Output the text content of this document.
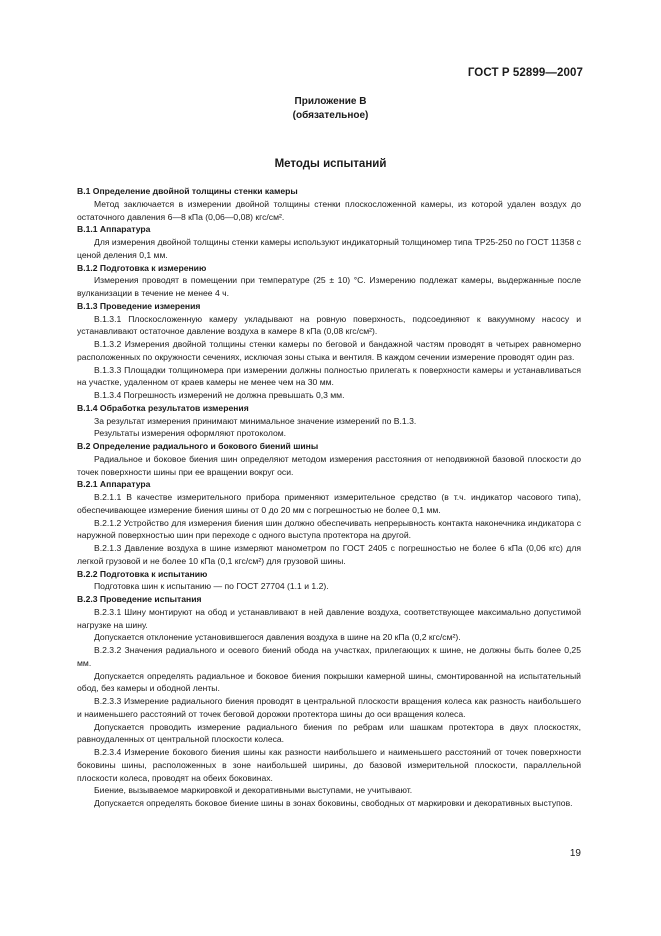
ГОСТ Р 52899—2007
Приложение В
(обязательное)
Методы испытаний

В.1 Определение двойной толщины стенки камеры

Метод заключается в измерении двойной толщины стенки плоскосложенной камеры, из которой удален воздух до остаточного давления 6—8 кПа (0,06—0,08) кгс/см².

В.1.1 Аппаратура

Для измерения двойной толщины стенки камеры используют индикаторный толщиномер типа ТР25-250 по ГОСТ 11358 с ценой деления 0,1 мм.

В.1.2 Подготовка к измерению

Измерения проводят в помещении при температуре (25 ± 10) °С. Измерению подлежат камеры, выдержанные после вулканизации в течение не менее 4 ч.

В.1.3 Проведение измерения

В.1.3.1 Плоскосложенную камеру укладывают на ровную поверхность, подсоединяют к вакуумному насосу и устанавливают остаточное давление воздуха в камере 8 кПа (0,08 кгс/см²).

В.1.3.2 Измерения двойной толщины стенки камеры по беговой и бандажной частям проводят в четырех равномерно расположенных по окружности сечениях, исключая зоны стыка и вентиля. В каждом сечении измерение проводят один раз.

В.1.3.3 Площадки толщиномера при измерении должны полностью прилегать к поверхности камеры и устанавливаться на участке, удаленном от краев камеры не менее чем на 30 мм.

В.1.3.4 Погрешность измерений не должна превышать 0,3 мм.

В.1.4 Обработка результатов измерения

За результат измерения принимают минимальное значение измерений по В.1.3.

Результаты измерения оформляют протоколом.

В.2 Определение радиального и бокового биений шины

Радиальное и боковое биения шин определяют методом измерения расстояния от неподвижной базовой плоскости до точек поверхности шины при ее вращении вокруг оси.

В.2.1 Аппаратура

В.2.1.1 В качестве измерительного прибора применяют измерительное средство (в т.ч. индикатор часового типа), обеспечивающее измерение биения шины от 0 до 20 мм с погрешностью не более 0,1 мм.

В.2.1.2 Устройство для измерения биения шин должно обеспечивать непрерывность контакта наконечника индикатора с наружной поверхностью шин при переходе с одного выступа протектора на другой.

В.2.1.3 Давление воздуха в шине измеряют манометром по ГОСТ 2405 с погрешностью не более 6 кПа (0,06 кгс) для легкой грузовой и не более 10 кПа (0,1 кгс/см²) для грузовой шины.

В.2.2 Подготовка к испытанию

Подготовка шин к испытанию — по ГОСТ 27704 (1.1 и 1.2).

В.2.3 Проведение испытания

В.2.3.1 Шину монтируют на обод и устанавливают в ней давление воздуха, соответствующее максимально допустимой нагрузке на шину.

Допускается отклонение установившегося давления воздуха в шине на 20 кПа (0,2 кгс/см²).

В.2.3.2 Значения радиального и осевого биений обода на участках, прилегающих к шине, не должны быть более 0,25 мм.

Допускается определять радиальное и боковое биения покрышки камерной шины, смонтированной на испытательный обод, без камеры и ободной ленты.

В.2.3.3 Измерение радиального биения проводят в центральной плоскости вращения колеса как разность наибольшего и наименьшего расстояний от точек беговой дорожки протектора шины до оси вращения колеса.

Допускается проводить измерение радиального биения по ребрам или шашкам протектора в двух плоскостях, равноудаленных от центральной плоскости колеса.

В.2.3.4 Измерение бокового биения шины как разности наибольшего и наименьшего расстояний от точек поверхности боковины шины, расположенных в зоне наибольшей ширины, до базовой измерительной плоскости, параллельной плоскости колеса, проводят на обеих боковинах.

Биение, вызываемое маркировкой и декоративными выступами, не учитывают.

Допускается определять боковое биение шины в зонах боковины, свободных от маркировки и декоративных выступов.

19
